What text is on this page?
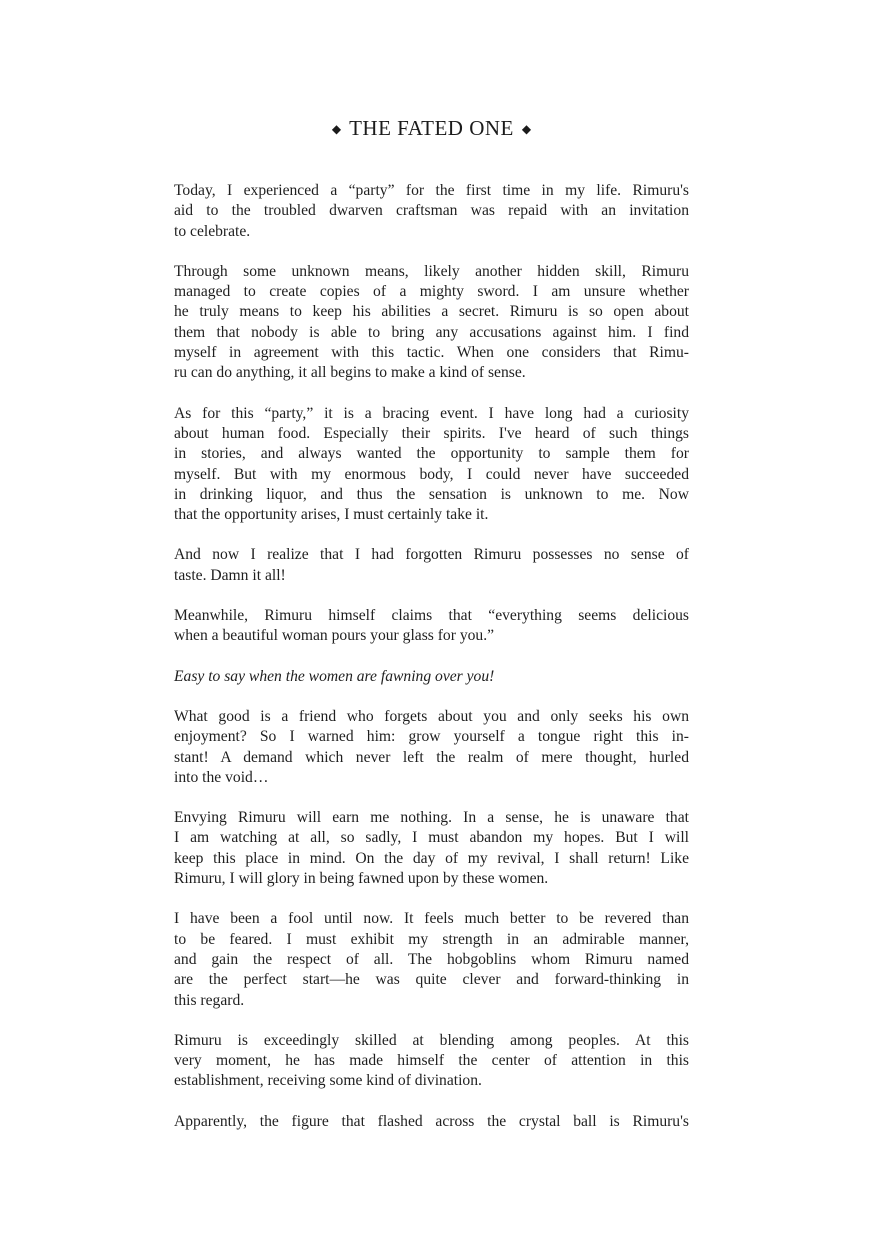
◆ THE FATED ONE ◆

Today, I experienced a “party” for the first time in my life. Rimuru's
aid to the troubled dwarven craftsman was repaid with an invitation
to celebrate.

Through some unknown means, likely another hidden skill, Rimuru
managed to create copies of a mighty sword. I am unsure whether
he truly means to keep his abilities a secret. Rimuru is so open about
them that nobody is able to bring any accusations against him. I find
myself in agreement with this tactic. When one considers that Rimu-
ru can do anything, it all begins to make a kind of sense.

As for this “party,” it is a bracing event. I have long had a curiosity
about human food. Especially their spirits. I've heard of such things
in stories, and always wanted the opportunity to sample them for
myself. But with my enormous body, I could never have succeeded
in drinking liquor, and thus the sensation is unknown to me. Now
that the opportunity arises, I must certainly take it.

And now I realize that I had forgotten Rimuru possesses no sense of
taste. Damn it all!

Meanwhile, Rimuru himself claims that “everything seems delicious
when a beautiful woman pours your glass for you.”

Easy to say when the women are fawning over you!

What good is a friend who forgets about you and only seeks his own
enjoyment? So I warned him: grow yourself a tongue right this in-
stant! A demand which never left the realm of mere thought, hurled
into the void…

Envying Rimuru will earn me nothing. In a sense, he is unaware that
I am watching at all, so sadly, I must abandon my hopes. But I will
keep this place in mind. On the day of my revival, I shall return! Like
Rimuru, I will glory in being fawned upon by these women.

I have been a fool until now. It feels much better to be revered than
to be feared. I must exhibit my strength in an admirable manner,
and gain the respect of all. The hobgoblins whom Rimuru named
are the perfect start—he was quite clever and forward-thinking in
this regard.

Rimuru is exceedingly skilled at blending among peoples. At this
very moment, he has made himself the center of attention in this
establishment, receiving some kind of divination.

Apparently, the figure that flashed across the crystal ball is Rimuru's
